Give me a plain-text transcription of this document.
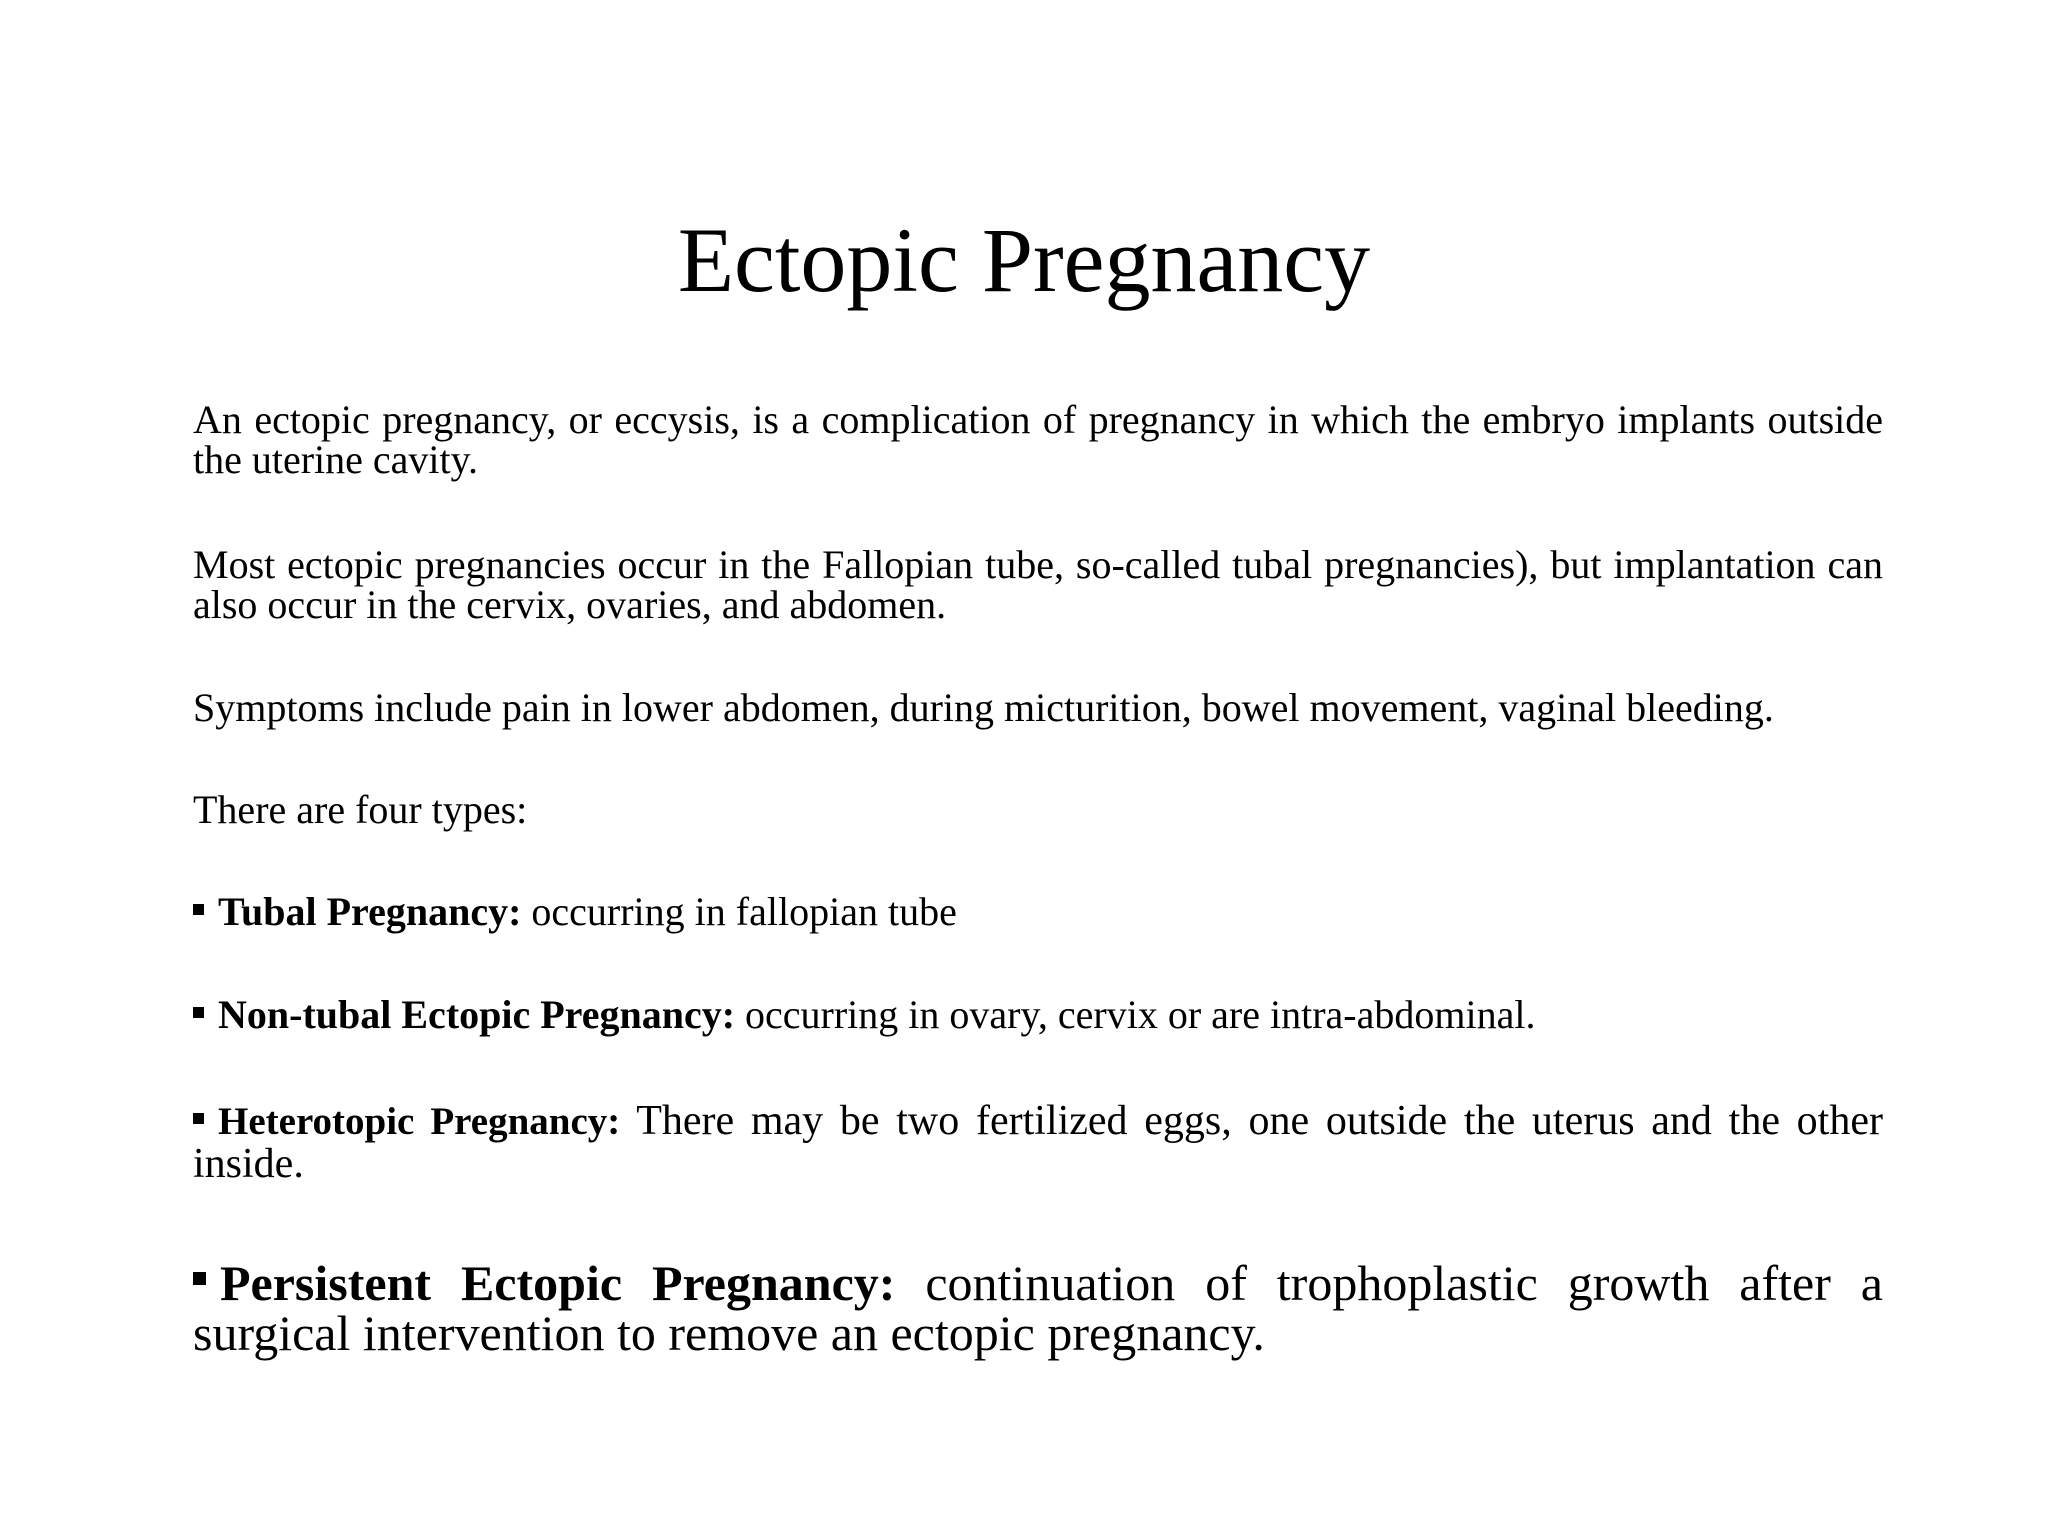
Ectopic Pregnancy

An ectopic pregnancy, or eccysis, is a complication of pregnancy in which the embryo implants outside the uterine cavity.

Most ectopic pregnancies occur in the Fallopian tube, so-called tubal pregnancies), but implantation can also occur in the cervix, ovaries, and abdomen.

Symptoms include pain in lower abdomen, during micturition, bowel movement, vaginal bleeding.

There are four types:

Tubal Pregnancy: occurring in fallopian tube

Non-tubal Ectopic Pregnancy: occurring in ovary, cervix or are intra-abdominal.

Heterotopic Pregnancy: There may be two fertilized eggs, one outside the uterus and the other inside.

Persistent Ectopic Pregnancy: continuation of trophoplastic growth after a surgical intervention to remove an ectopic pregnancy.
